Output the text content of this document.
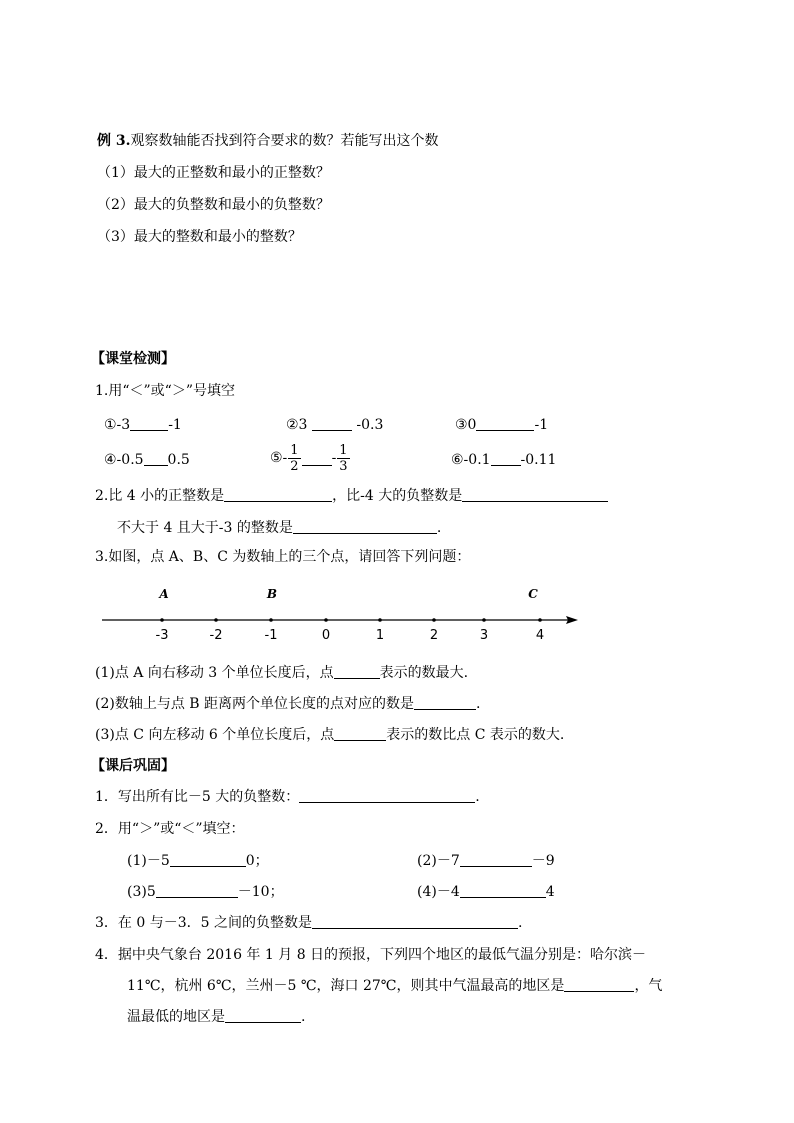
例 3.观察数轴能否找到符合要求的数？若能写出这个数
（1）最大的正整数和最小的正整数？
（2）最大的负整数和最小的负整数？
（3）最大的整数和最小的整数？
【课堂检测】
1.用“＜”或“＞”号填空
①-3	-1	②3	-0.3	③0	-1
④-0.5 0.5	⑤- $\frac{1}{2} - \frac{1}{3}$	⑥-0.1 -0.11
2.比 4 小的正整数是	，比-4 大的负整数是
不大于 4 且大于-3 的整数是	.
3.如图，点 A、B、C 为数轴上的三个点，请回答下列问题：
-3	-2	-1	0	1	2	3	4
A	B	C
(1)点 A 向右移动 3 个单位长度后，点	表示的数最大.
(2)数轴上与点 B 距离两个单位长度的点对应的数是	.
(3)点 C 向左移动 6 个单位长度后，点	表示的数比点 C 表示的数大.
【课后巩固】
1．写出所有比－5 大的负整数：	.
2．用“＞”或“＜”填空：
(1)－5	0；	(2)－7	－9
(3)5	－10；	(4)－4	4
3．在 0 与－3．5 之间的负整数是	.
4．据中央气象台 2016 年 1 月 8 日的预报，下列四个地区的最低气温分别是：哈尔滨－
11℃，杭州 6℃，兰州－5 ℃，海口 27℃，则其中气温最高的地区是	，气
温最低的地区是	.
